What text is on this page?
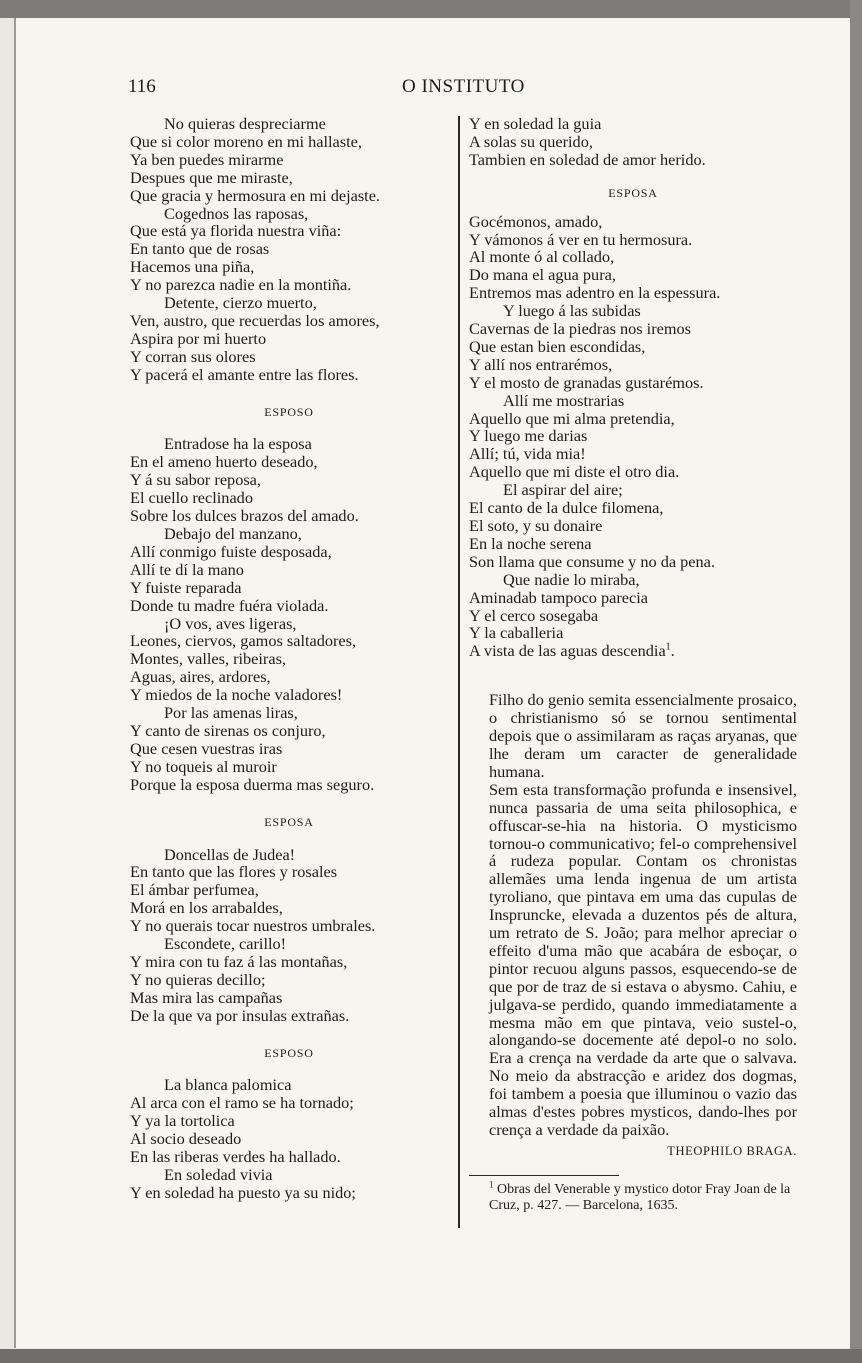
116	O INSTITUTO
No quieras despreciarme
Que si color moreno en mi hallaste,
Ya ben puedes mirarme
Despues que me miraste,
Que gracia y hermosura en mi dejaste.
Cogednos las raposas,
Que está ya florida nuestra viña:
En tanto que de rosas
Hacemos una piña,
Y no parezca nadie en la montiña.
Detente, cierzo muerto,
Ven, austro, que recuerdas los amores,
Aspira por mi huerto
Y corran sus olores
Y pacerá el amante entre las flores.
ESPOSO
Entradose ha la esposa
En el ameno huerto deseado,
Y á su sabor reposa,
El cuello reclinado
Sobre los dulces brazos del amado.
Debajo del manzano,
Allí conmigo fuiste desposada,
Allí te dí la mano
Y fuiste reparada
Donde tu madre fuéra violada.
¡O vos, aves ligeras,
Leones, ciervos, gamos saltadores,
Montes, valles, ribeiras,
Aguas, aires, ardores,
Y miedos de la noche valadores!
Por las amenas liras,
Y canto de sirenas os conjuro,
Que cesen vuestras iras
Y no toqueis al muroir
Porque la esposa duerma mas seguro.
ESPOSA
Doncellas de Judea!
En tanto que las flores y rosales
El ámbar perfumea,
Morá en los arrabaldes,
Y no querais tocar nuestros umbrales.
Escondete, carillo!
Y mira con tu faz á las montañas,
Y no quieras decillo;
Mas mira las campañas
De la que va por insulas extrañas.
ESPOSO
La blanca palomica
Al arca con el ramo se ha tornado;
Y ya la tortolica
Al socio deseado
En las riberas verdes ha hallado.
En soledad vivia
Y en soledad ha puesto ya su nido;
Y en soledad la guia
A solas su querido,
Tambien en soledad de amor herido.
ESPOSA
Gocémonos, amado,
Y vámonos á ver en tu hermosura.
Al monte ó al collado,
Do mana el agua pura,
Entremos mas adentro en la espessura.
Y luego á las subidas
Cavernas de la piedras nos iremos
Que estan bien escondidas,
Y allí nos entrarémos,
Y el mosto de granadas gustarémos.
Allí me mostrarias
Aquello que mi alma pretendia,
Y luego me darias
Allí; tú, vida mia!
Aquello que mi diste el otro dia.
El aspirar del aire;
El canto de la dulce filomena,
El soto, y su donaire
En la noche serena
Son llama que consume y no da pena.
Que nadie lo miraba,
Aminadab tampoco parecia
Y el cerco sosegaba
Y la caballeria
A vista de las aguas descendia$^1$.
Filho do genio semita essencialmente prosaico, o christianismo só se tornou sentimental depois que o assimilaram as raças aryanas, que lhe deram um caracter de generalidade humana.
Sem esta transformação profunda e insensivel, nunca passaria de uma seita philosophica, e offuscar-se-hia na historia. O mysticismo tornou-o communicativo; fel-o comprehensivel á rudeza popular. Contam os chronistas allemães uma lenda ingenua de um artista tyroliano, que pintava em uma das cupulas de Inspruncke, elevada a duzentos pés de altura, um retrato de S. João; para melhor apreciar o effeito d'uma mão que acabára de esboçar, o pintor recuou alguns passos, esquecendo-se de que por de traz de si estava o abysmo. Cahiu, e julgava-se perdido, quando immediatamente a mesma mão em que pintava, veio sustel-o, alongando-se docemente até depol-o no solo. Era a crença na verdade da arte que o salvava. No meio da abstracção e aridez dos dogmas, foi tambem a poesia que illuminou o vazio das almas d'estes pobres mysticos, dando-lhes por crença a verdade da paixão.
THEOPHILO BRAGA.
$^1$ Obras del Venerable y mystico dotor Fray Joan de la Cruz, p. 427. — Barcelona, 1635.
